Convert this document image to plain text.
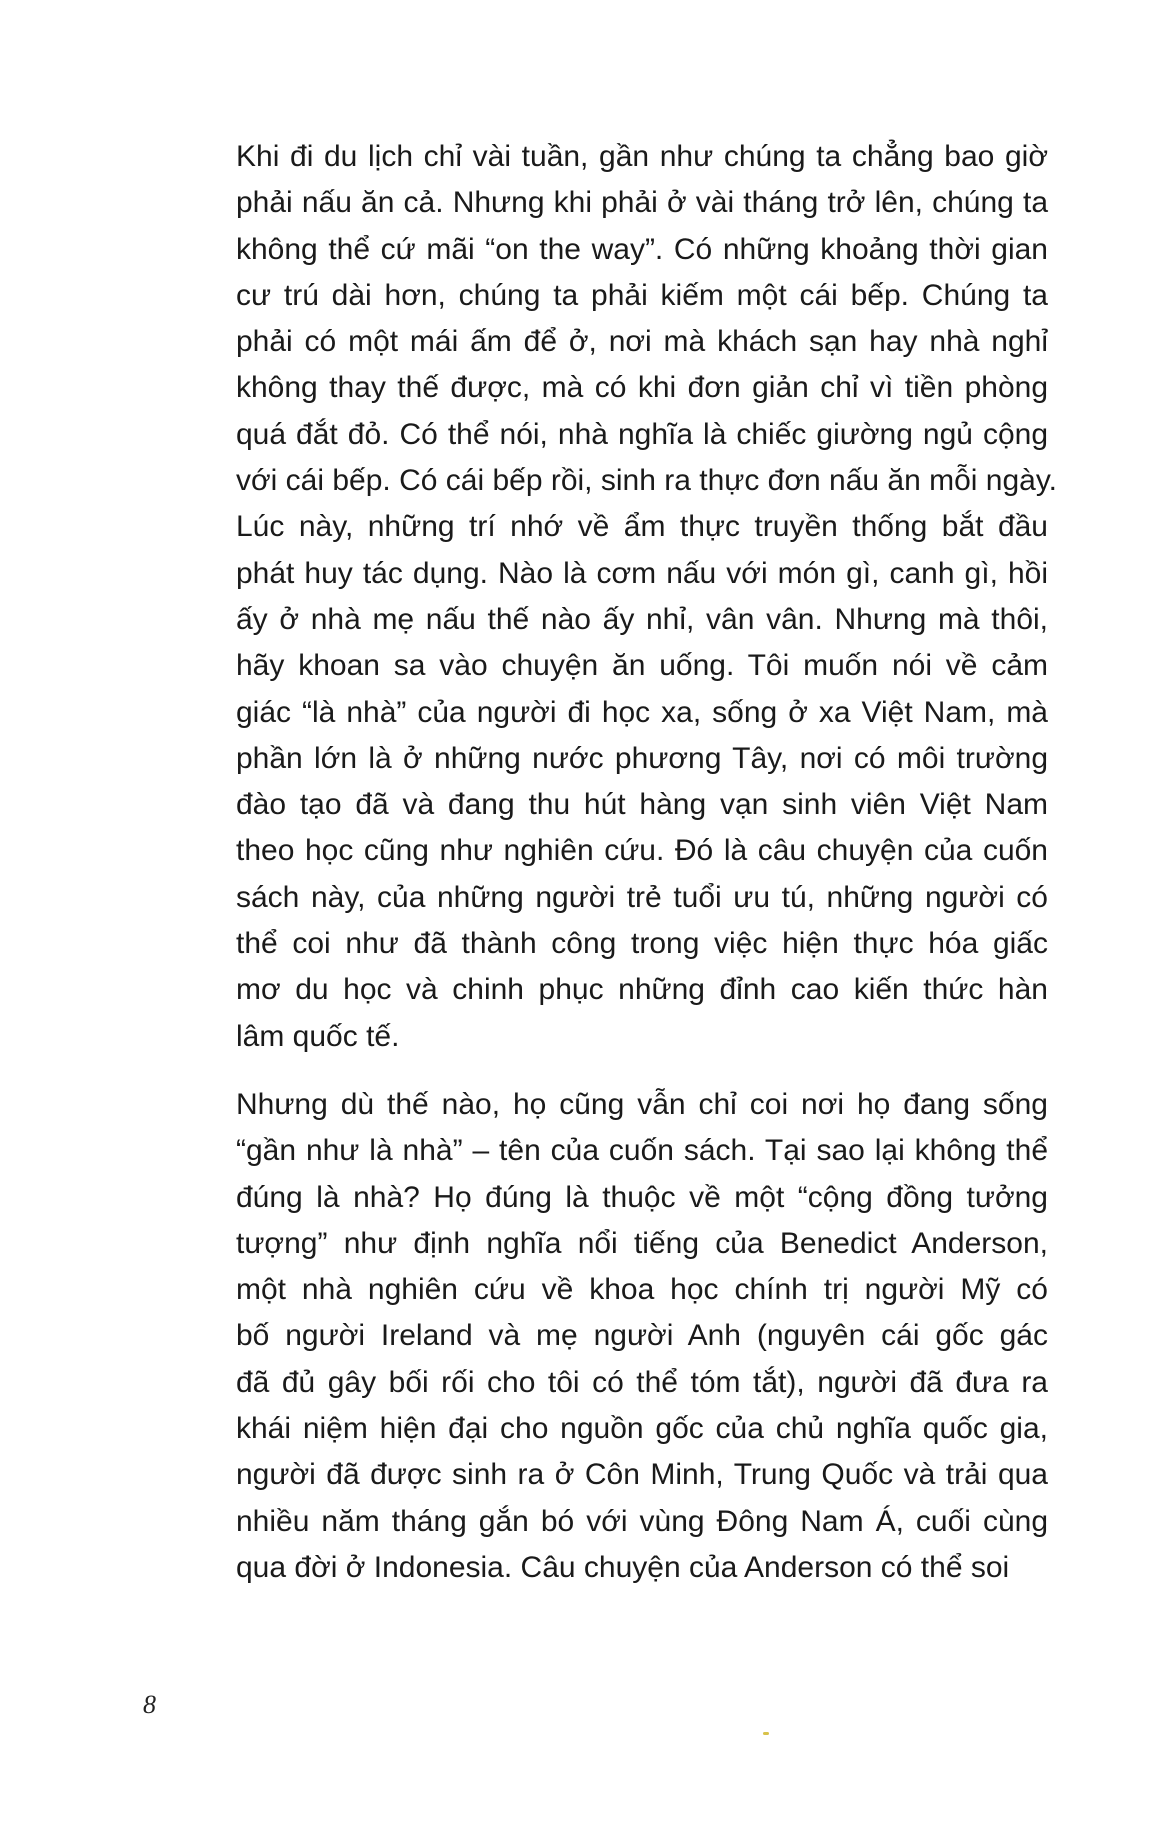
Khi đi du lịch chỉ vài tuần, gần như chúng ta chẳng bao giờ
phải nấu ăn cả. Nhưng khi phải ở vài tháng trở lên, chúng ta
không thể cứ mãi “on the way”. Có những khoảng thời gian
cư trú dài hơn, chúng ta phải kiếm một cái bếp. Chúng ta
phải có một mái ấm để ở, nơi mà khách sạn hay nhà nghỉ
không thay thế được, mà có khi đơn giản chỉ vì tiền phòng
quá đắt đỏ. Có thể nói, nhà nghĩa là chiếc giường ngủ cộng
với cái bếp. Có cái bếp rồi, sinh ra thực đơn nấu ăn mỗi ngày.
Lúc này, những trí nhớ về ẩm thực truyền thống bắt đầu
phát huy tác dụng. Nào là cơm nấu với món gì, canh gì, hồi
ấy ở nhà mẹ nấu thế nào ấy nhỉ, vân vân. Nhưng mà thôi,
hãy khoan sa vào chuyện ăn uống. Tôi muốn nói về cảm
giác “là nhà” của người đi học xa, sống ở xa Việt Nam, mà
phần lớn là ở những nước phương Tây, nơi có môi trường
đào tạo đã và đang thu hút hàng vạn sinh viên Việt Nam
theo học cũng như nghiên cứu. Đó là câu chuyện của cuốn
sách này, của những người trẻ tuổi ưu tú, những người có
thể coi như đã thành công trong việc hiện thực hóa giấc
mơ du học và chinh phục những đỉnh cao kiến thức hàn
lâm quốc tế.

Nhưng dù thế nào, họ cũng vẫn chỉ coi nơi họ đang sống
“gần như là nhà” – tên của cuốn sách. Tại sao lại không thể
đúng là nhà? Họ đúng là thuộc về một “cộng đồng tưởng
tượng” như định nghĩa nổi tiếng của Benedict Anderson,
một nhà nghiên cứu về khoa học chính trị người Mỹ có
bố người Ireland và mẹ người Anh (nguyên cái gốc gác
đã đủ gây bối rối cho tôi có thể tóm tắt), người đã đưa ra
khái niệm hiện đại cho nguồn gốc của chủ nghĩa quốc gia,
người đã được sinh ra ở Côn Minh, Trung Quốc và trải qua
nhiều năm tháng gắn bó với vùng Đông Nam Á, cuối cùng
qua đời ở Indonesia. Câu chuyện của Anderson có thể soi

8
